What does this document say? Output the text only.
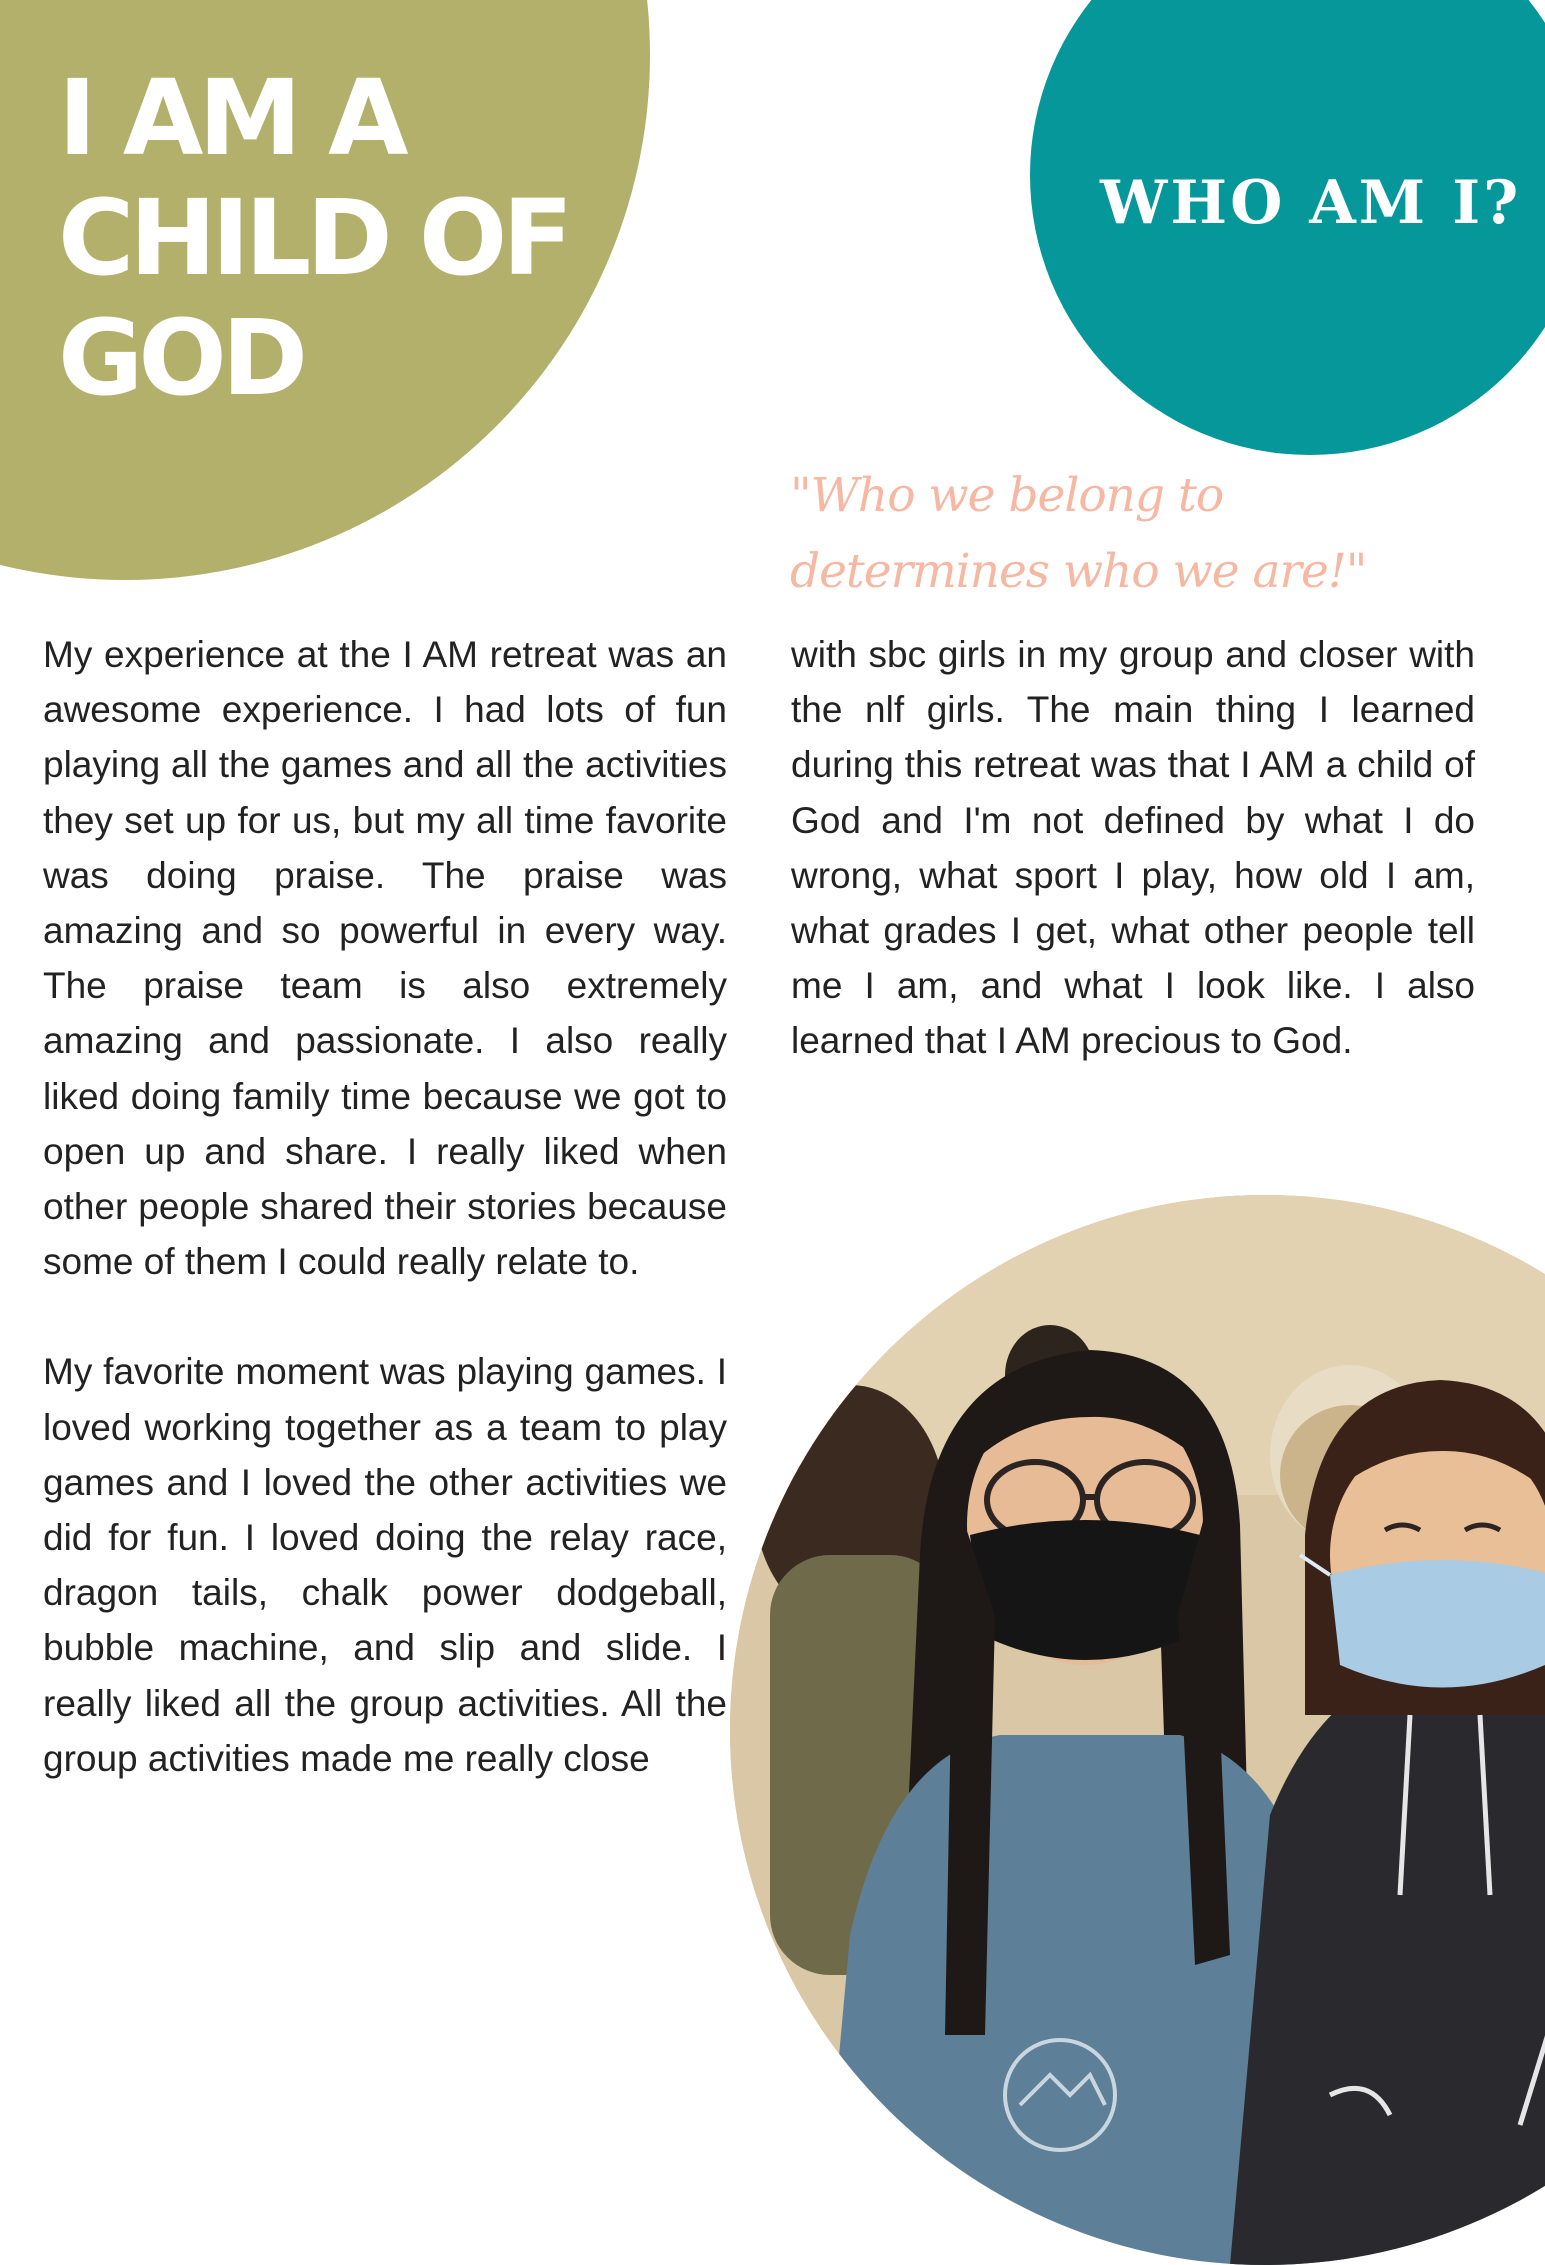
I AM A
CHILD OF
GOD
WHO AM I?
"Who we belong to
determines who we are!"

My experience at the I AM retreat was an awesome experience. I had lots of fun playing all the games and all the activities they set up for us, but my all time favorite was doing praise. The praise was amazing and so powerful in every way. The praise team is also extremely amazing and passionate. I also really liked doing family time because we got to open up and share. I really liked when other people shared their stories because some of them I could really relate to.

My favorite moment was playing games. I loved working together as a team to play games and I loved the other activities we did for fun. I loved doing the relay race, dragon tails, chalk power dodgeball, bubble machine, and slip and slide. I really liked all the group activities. All the group activities made me really close

with sbc girls in my group and closer with the nlf girls. The main thing I learned during this retreat was that I AM a child of God and I'm not defined by what I do wrong, what sport I play, how old I am, what grades I get, what other people tell me I am, and what I look like. I also learned that I AM precious to God.
